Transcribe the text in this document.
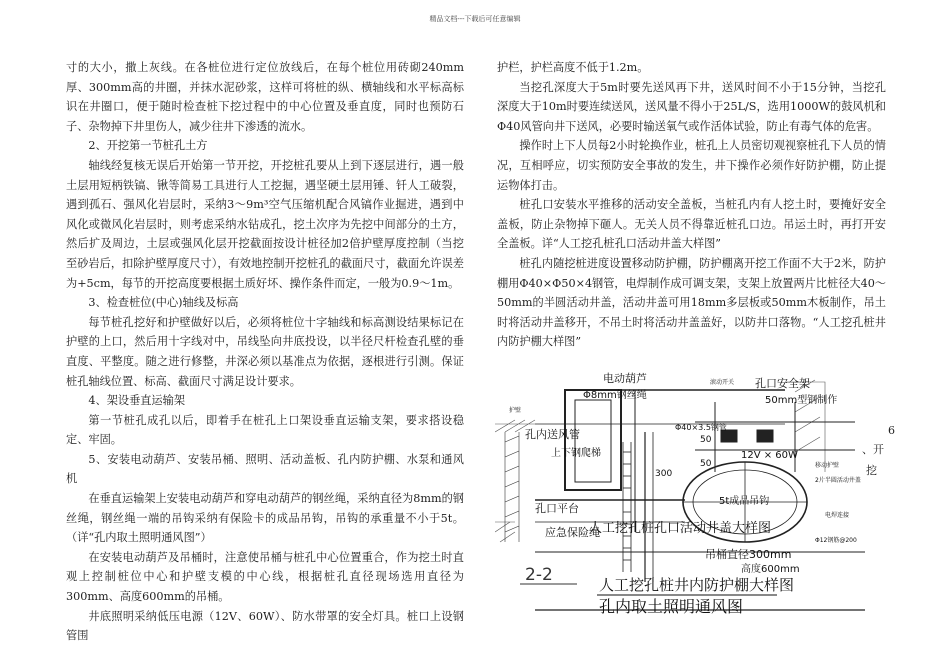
精品文档---下载后可任意编辑

寸的大小，撒上灰线。在各桩位进行定位放线后，在每个桩位用砖砌240mm厚、300mm高的井圈，并抹水泥砂浆，这样可将桩的纵、横轴线和水平标高标识在井圈口，便于随时检查桩下挖过程中的中心位置及垂直度，同时也预防石子、杂物掉下井里伤人，减少往井下渗透的流水。

2、开挖第一节桩孔土方

轴线经复核无误后开始第一节开挖，开挖桩孔要从上到下逐层进行，遇一般土层用短柄铁镐、锹等简易工具进行人工挖掘，遇坚硬土层用锤、钎人工破裂，遇到孤石、强风化岩层时，采纳3～9m³空气压缩机配合风镐作业掘进，遇到中风化或微风化岩层时，则考虑采纳水钻成孔，挖土次序为先挖中间部分的土方，然后扩及周边，土层或强风化层开挖截面按设计桩径加2倍护壁厚度控制（当挖至砂岩后，扣除护壁厚度尺寸），有效地控制开挖桩孔的截面尺寸，截面允许误差为+5cm，每节的开挖高度要根据土质好坏、操作条件而定，一般为0.9～1m。

3、检查桩位(中心)轴线及标高

每节桩孔挖好和护壁做好以后，必须将桩位十字轴线和标高测设结果标记在护壁的上口，然后用十字线对中，吊线坠向井底投设，以半径尺杆检查孔壁的垂直度、平整度。随之进行修整，井深必须以基准点为依据，逐根进行引测。保证桩孔轴线位置、标高、截面尺寸满足设计要求。

4、架设垂直运输架

第一节桩孔成孔以后，即着手在桩孔上口架设垂直运输支架，要求搭设稳定、牢固。

5、安装电动葫芦、安装吊桶、照明、活动盖板、孔内防护棚、水泵和通风机

在垂直运输架上安装电动葫芦和穿电动葫芦的钢丝绳，采纳直径为8mm的钢丝绳，钢丝绳一端的吊钩采纳有保险卡的成品吊钩，吊钩的承重量不小于5t。（详“孔内取土照明通风图”）

在安装电动葫芦及吊桶时，注意使吊桶与桩孔中心位置重合，作为挖土时直观上控制桩位中心和护壁支模的中心线，根据桩孔直径现场选用直径为300mm、高度600mm的吊桶。

井底照明采纳低压电源（12V、60W）、防水带罩的安全灯具。桩口上设钢管围

护栏，护栏高度不低于1.2m。

当挖孔深度大于5m时要先送风再下井，送风时间不小于15分钟，当挖孔深度大于10m时要连续送风，送风量不得小于25L/S，选用1000W的鼓风机和Φ40风管向井下送风，必要时输送氧气或作活体试验，防止有毒气体的危害。

操作时上下人员每2小时轮换作业，桩孔上人员密切观视察桩孔下人员的情况，互相呼应，切实预防安全事故的发生，井下操作必须作好防护棚，防止提运物体打击。

桩孔口安装水平推移的活动安全盖板，当桩孔内有人挖土时，要掩好安全盖板，防止杂物掉下砸人。无关人员不得靠近桩孔口边。吊运土时，再打开安全盖板。详“人工挖孔桩孔口活动井盖大样图”

桩孔内随挖桩进度设置移动防护棚，防护棚离开挖工作面不大于2米，防护棚用Φ40×Φ50×4钢管，电焊制作成可调支架，支架上放置两片比桩径大40～50mm的半圆活动井盖，活动井盖可用18mm多层板或50mm木板制作，吊土时将活动井盖移开，不吊土时将活动井盖盖好，以防井口落物。“人工挖孔桩井内防护棚大样图”

6
、开
挖
2-2
电动葫芦
Φ8mm钢丝绳
孔口安全架
50mm型钢制作
孔内送风管
上下钢爬梯
孔口平台
应急保险绳
12V × 60W
Φ40×3.5钢管
5t成品吊钩
吊桶直径300mm
高度600mm
滚动开关
移动护壁
2片半圆活动井盖
Φ12钢筋@200
电焊连接
护壁
50
50
300
人工挖孔桩孔口活动井盖大样图
人工挖孔桩井内防护棚大样图
孔内取土照明通风图
